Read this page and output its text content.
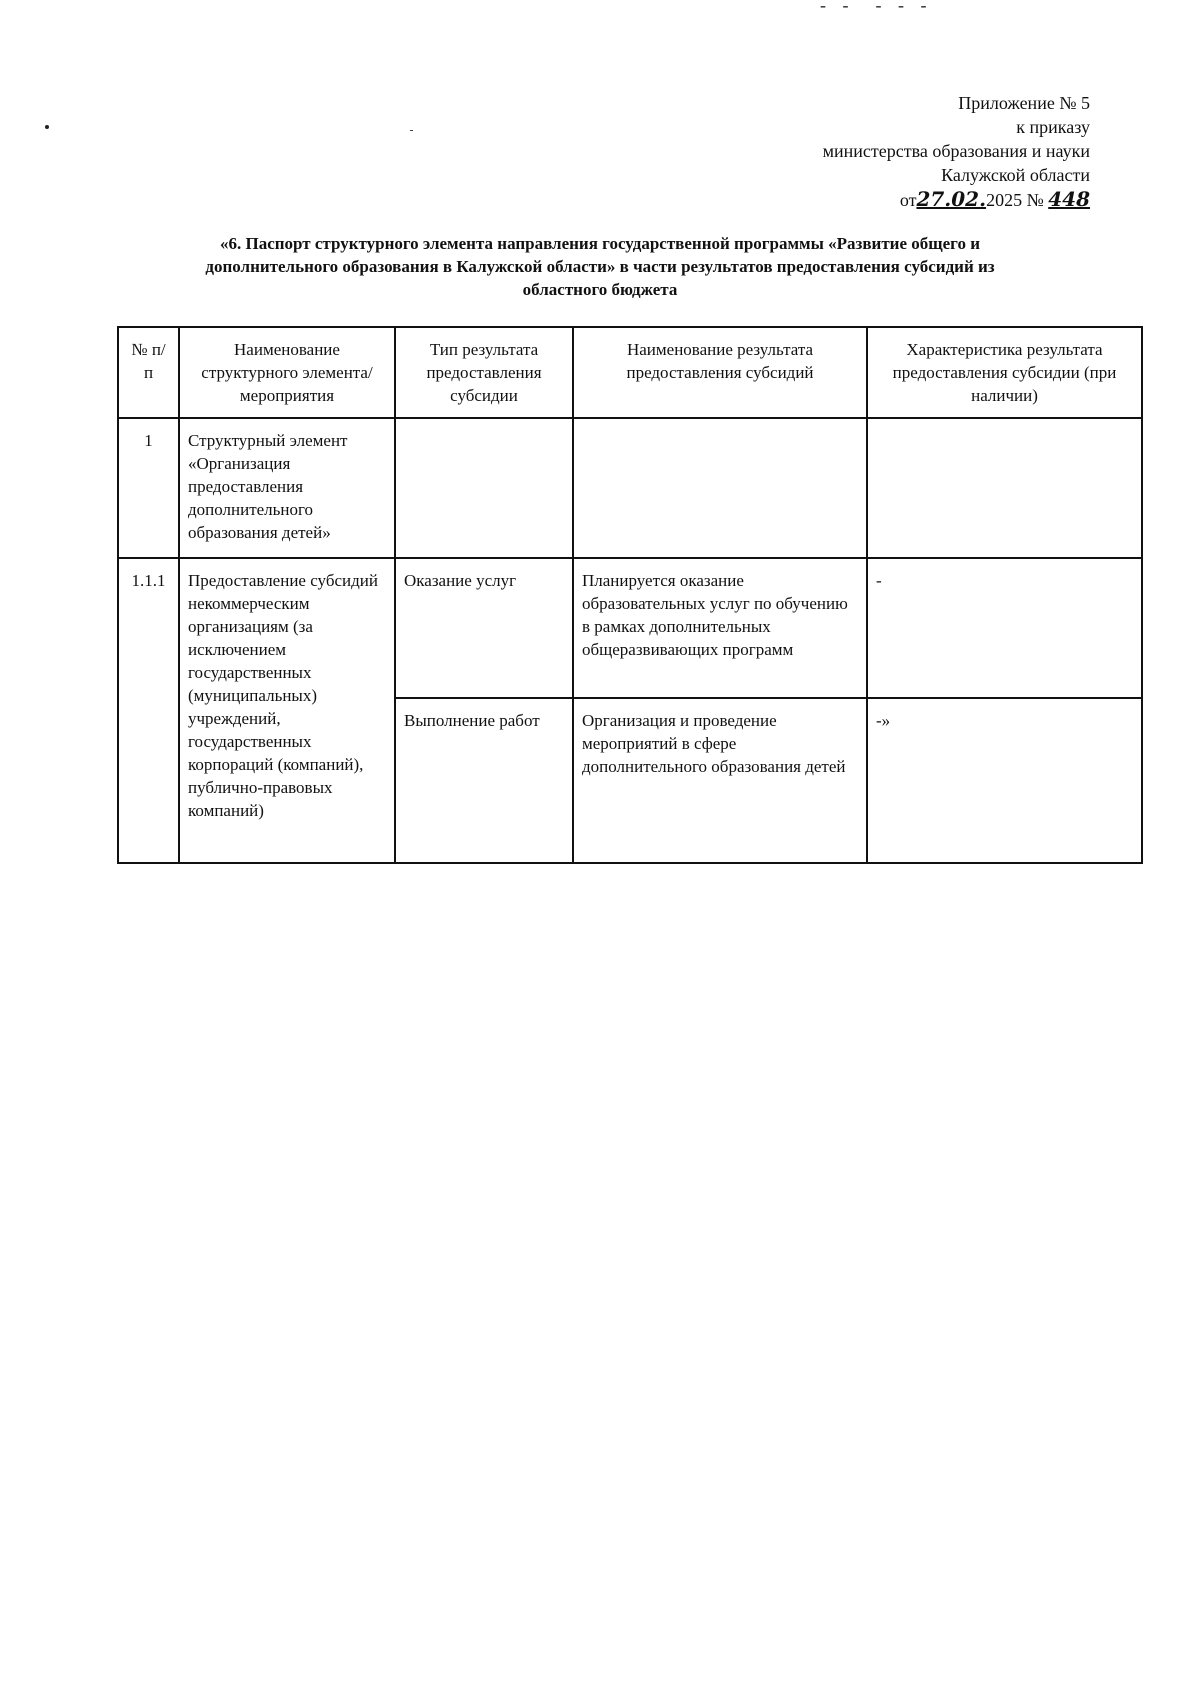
- -  - - -
Приложение № 5
к приказу
министерства образования и науки
Калужской области
от27.02.2025 № 448
«6. Паспорт структурного элемента направления государственной программы «Развитие общего и
дополнительного образования в Калужской области» в части результатов предоставления субсидий из
областного бюджета
№ п/п	Наименование структурного элемента/мероприятия	Тип результата предоставления субсидии	Наименование результата предоставления субсидий	Характеристика результата предоставления субсидии (при наличии)
1	Структурный элемент «Организация предоставления дополнительного образования детей»			
1.1.1	Предоставление субсидий некоммерческим организациям (за исключением государственных (муниципальных) учреждений, государственных корпораций (компаний), публично-правовых компаний)	Оказание услуг	Планируется оказание образовательных услуг по обучению в рамках дополнительных общеразвивающих программ	-
		Выполнение работ	Организация и проведение мероприятий в сфере дополнительного образования детей	-»
